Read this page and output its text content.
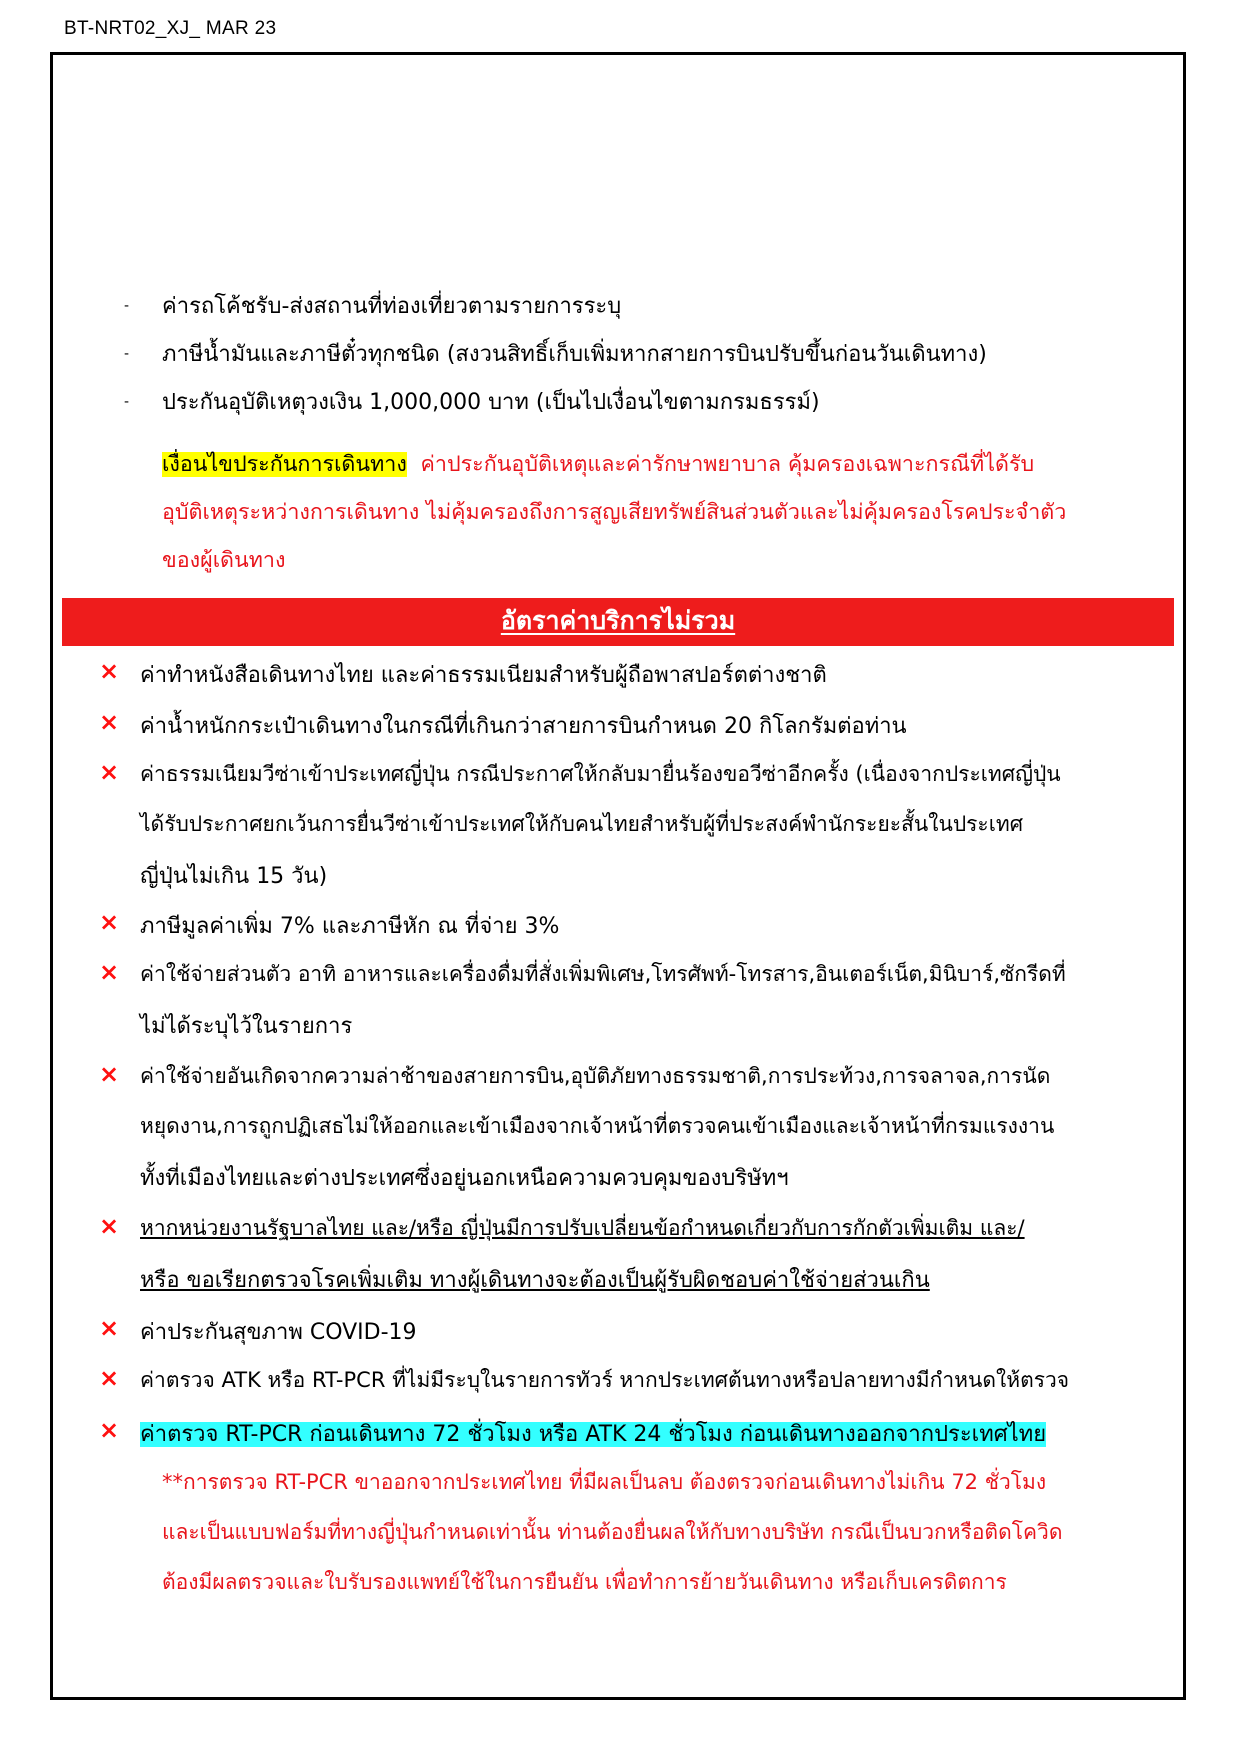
BT-NRT02_XJ_ MAR 23
- ค่ารถโค้ชรับ-ส่งสถานที่ท่องเที่ยวตามรายการระบุ
- ภาษีน้ำมันและภาษีตั๋วทุกชนิด (สงวนสิทธิ์เก็บเพิ่มหากสายการบินปรับขึ้นก่อนวันเดินทาง)
- ประกันอุบัติเหตุวงเงิน 1,000,000 บาท (เป็นไปเงื่อนไขตามกรมธรรม์)
เงื่อนไขประกันการเดินทาง ค่าประกันอุบัติเหตุและค่ารักษาพยาบาล คุ้มครองเฉพาะกรณีที่ได้รับ
อุบัติเหตุระหว่างการเดินทาง ไม่คุ้มครองถึงการสูญเสียทรัพย์สินส่วนตัวและไม่คุ้มครองโรคประจำตัว
ของผู้เดินทาง
อัตราค่าบริการไม่รวม
× ค่าทำหนังสือเดินทางไทย และค่าธรรมเนียมสำหรับผู้ถือพาสปอร์ตต่างชาติ
× ค่าน้ำหนักกระเป๋าเดินทางในกรณีที่เกินกว่าสายการบินกำหนด 20 กิโลกรัมต่อท่าน
× ค่าธรรมเนียมวีซ่าเข้าประเทศญี่ปุ่น กรณีประกาศให้กลับมายื่นร้องขอวีซ่าอีกครั้ง (เนื่องจากประเทศญี่ปุ่น
ได้รับประกาศยกเว้นการยื่นวีซ่าเข้าประเทศให้กับคนไทยสำหรับผู้ที่ประสงค์พำนักระยะสั้นในประเทศ
ญี่ปุ่นไม่เกิน 15 วัน)
× ภาษีมูลค่าเพิ่ม 7% และภาษีหัก ณ ที่จ่าย 3%
× ค่าใช้จ่ายส่วนตัว อาทิ อาหารและเครื่องดื่มที่สั่งเพิ่มพิเศษ,โทรศัพท์-โทรสาร,อินเตอร์เน็ต,มินิบาร์,ซักรีดที่
ไม่ได้ระบุไว้ในรายการ
× ค่าใช้จ่ายอันเกิดจากความล่าช้าของสายการบิน,อุบัติภัยทางธรรมชาติ,การประท้วง,การจลาจล,การนัด
หยุดงาน,การถูกปฏิเสธไม่ให้ออกและเข้าเมืองจากเจ้าหน้าที่ตรวจคนเข้าเมืองและเจ้าหน้าที่กรมแรงงาน
ทั้งที่เมืองไทยและต่างประเทศซึ่งอยู่นอกเหนือความควบคุมของบริษัทฯ
× หากหน่วยงานรัฐบาลไทย และ/หรือ ญี่ปุ่นมีการปรับเปลี่ยนข้อกำหนดเกี่ยวกับการกักตัวเพิ่มเติม และ/
หรือ ขอเรียกตรวจโรคเพิ่มเติม ทางผู้เดินทางจะต้องเป็นผู้รับผิดชอบค่าใช้จ่ายส่วนเกิน
× ค่าประกันสุขภาพ COVID-19
× ค่าตรวจ ATK หรือ RT-PCR ที่ไม่มีระบุในรายการทัวร์ หากประเทศต้นทางหรือปลายทางมีกำหนดให้ตรวจ
× ค่าตรวจ RT-PCR ก่อนเดินทาง 72 ชั่วโมง หรือ ATK 24 ชั่วโมง ก่อนเดินทางออกจากประเทศไทย
**การตรวจ RT-PCR ขาออกจากประเทศไทย ที่มีผลเป็นลบ ต้องตรวจก่อนเดินทางไม่เกิน 72 ชั่วโมง
และเป็นแบบฟอร์มที่ทางญี่ปุ่นกำหนดเท่านั้น ท่านต้องยื่นผลให้กับทางบริษัท กรณีเป็นบวกหรือติดโควิด
ต้องมีผลตรวจและใบรับรองแพทย์ใช้ในการยืนยัน เพื่อทำการย้ายวันเดินทาง หรือเก็บเครดิตการ
